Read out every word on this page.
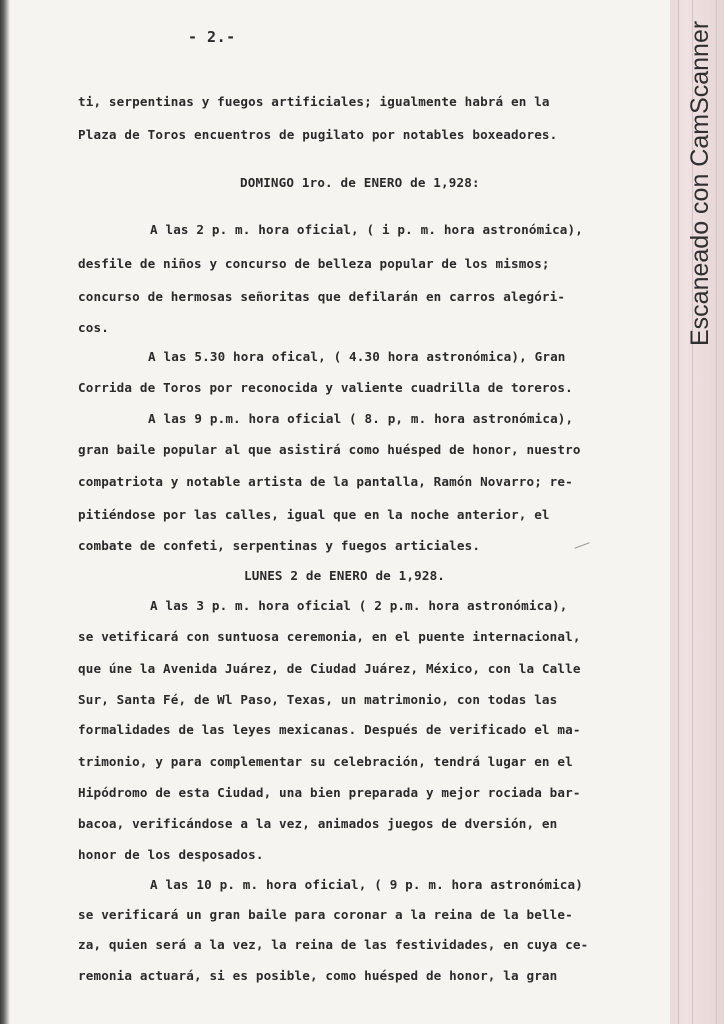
Escaneado con CamScanner
- 2.-
ti, serpentinas y fuegos artificiales; igualmente habrá en la
Plaza de Toros encuentros de pugilato por notables boxeadores.
DOMINGO 1ro. de ENERO de 1,928:
A las 2 p. m. hora oficial, ( i p. m. hora astronómica),
desfile de niños y concurso de belleza popular de los mismos;
concurso de hermosas señoritas que defilarán en carros alegóri-
cos.
A las 5.30 hora ofical, ( 4.30 hora astronómica), Gran
Corrida de Toros por reconocida y valiente cuadrilla de toreros.
A las 9 p.m. hora oficial ( 8. p, m. hora astronómica),
gran baile popular al que asistirá como huésped de honor, nuestro
compatriota y notable artista de la pantalla, Ramón Novarro; re-
pitiéndose por las calles, igual que en la noche anterior, el
combate de confeti, serpentinas y fuegos articiales.
LUNES 2 de ENERO de 1,928.
A las 3 p. m. hora oficial ( 2 p.m. hora astronómica),
se vetificará con suntuosa ceremonia, en el puente internacional,
que úne la Avenida Juárez, de Ciudad Juárez, México, con la Calle
Sur, Santa Fé, de Wl Paso, Texas, un matrimonio, con todas las
formalidades de las leyes mexicanas. Después de verificado el ma-
trimonio, y para complementar su celebración, tendrá lugar en el
Hipódromo de esta Ciudad, una bien preparada y mejor rociada bar-
bacoa, verificándose a la vez, animados juegos de dversión, en
honor de los desposados.
A las 10 p. m. hora oficial, ( 9 p. m. hora astronómica)
se verificará un gran baile para coronar a la reina de la belle-
za, quien será a la vez, la reina de las festividades, en cuya ce-
remonia actuará, si es posible, como huésped de honor, la gran
